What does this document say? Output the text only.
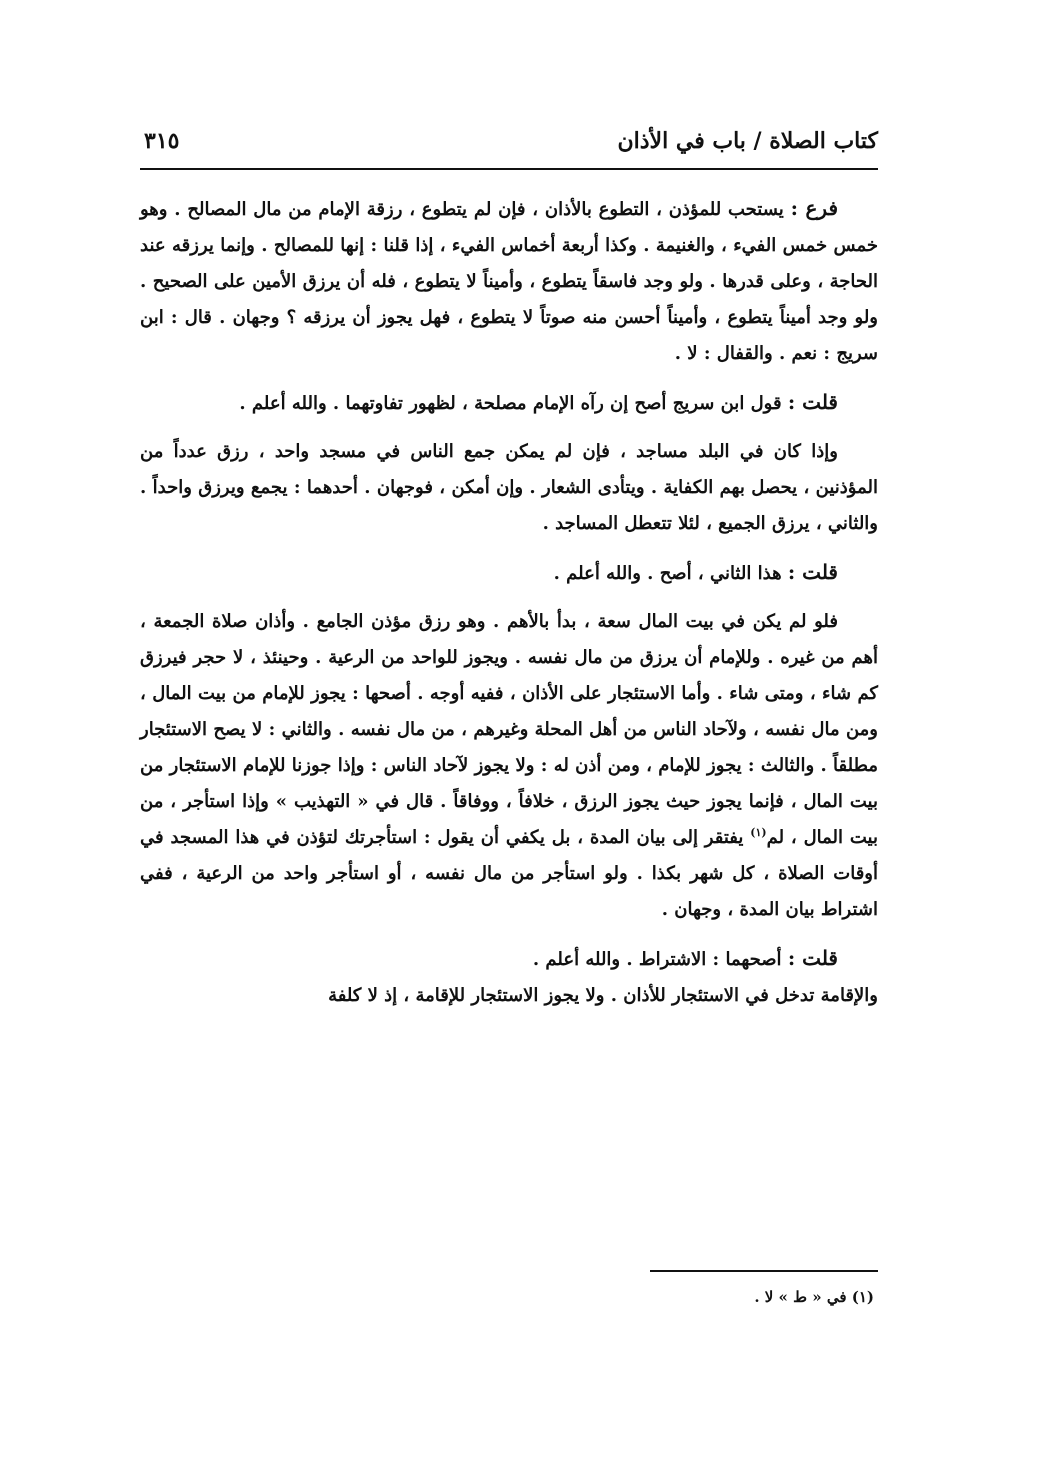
كتاب الصلاة / باب في الأذان
٣١٥

فرع : يستحب للمؤذن ، التطوع بالأذان ، فإن لم يتطوع ، رزقة الإمام من مال المصالح . وهو خمس خمس الفيء ، والغنيمة . وكذا أربعة أخماس الفيء ، إذا قلنا : إنها للمصالح . وإنما يرزقه عند الحاجة ، وعلى قدرها . ولو وجد فاسقاً يتطوع ، وأميناً لا يتطوع ، فله أن يرزق الأمين على الصحيح . ولو وجد أميناً يتطوع ، وأميناً أحسن منه صوتاً لا يتطوع ، فهل يجوز أن يرزقه ؟ وجهان . قال : ابن سريج : نعم . والقفال : لا .

قلت : قول ابن سريج أصح إن رآه الإمام مصلحة ، لظهور تفاوتهما . والله أعلم .

وإذا كان في البلد مساجد ، فإن لم يمكن جمع الناس في مسجد واحد ، رزق عدداً من المؤذنين ، يحصل بهم الكفاية . ويتأدى الشعار . وإن أمكن ، فوجهان . أحدهما : يجمع ويرزق واحداً . والثاني ، يرزق الجميع ، لئلا تتعطل المساجد .

قلت : هذا الثاني ، أصح . والله أعلم .

فلو لم يكن في بيت المال سعة ، بدأ بالأهم . وهو رزق مؤذن الجامع . وأذان صلاة الجمعة ، أهم من غيره . وللإمام أن يرزق من مال نفسه . ويجوز للواحد من الرعية . وحينئذ ، لا حجر فيرزق كم شاء ، ومتى شاء . وأما الاستئجار على الأذان ، ففيه أوجه . أصحها : يجوز للإمام من بيت المال ، ومن مال نفسه ، ولآحاد الناس من أهل المحلة وغيرهم ، من مال نفسه . والثاني : لا يصح الاستئجار مطلقاً . والثالث : يجوز للإمام ، ومن أذن له : ولا يجوز لآحاد الناس : وإذا جوزنا للإمام الاستئجار من بيت المال ، فإنما يجوز حيث يجوز الرزق ، خلافاً ، ووفاقاً . قال في « التهذيب » وإذا استأجر ، من بيت المال ، لم$^{(١)}$ يفتقر إلى بيان المدة ، بل يكفي أن يقول : استأجرتك لتؤذن في هذا المسجد في أوقات الصلاة ، كل شهر بكذا . ولو استأجر من مال نفسه ، أو استأجر واحد من الرعية ، ففي اشتراط بيان المدة ، وجهان .

قلت : أصحهما : الاشتراط . والله أعلم .

والإقامة تدخل في الاستئجار للأذان . ولا يجوز الاستئجار للإقامة ، إذ لا كلفة

(١) في « ط » لا .
